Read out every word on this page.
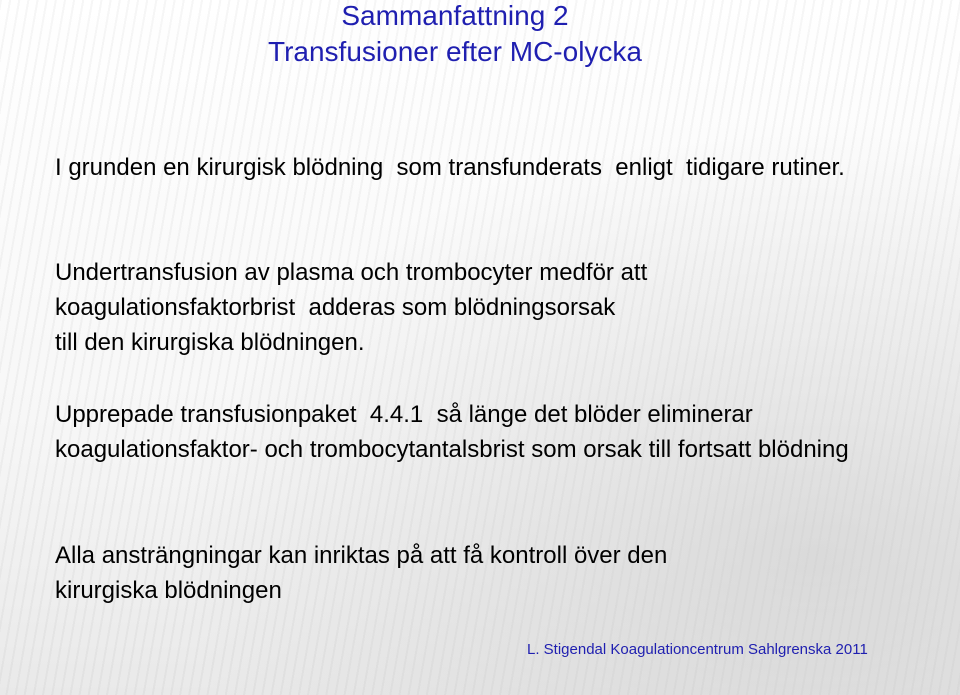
Sammanfattning 2
Transfusioner efter MC-olycka
I grunden en kirurgisk blödning  som transfunderats  enligt  tidigare rutiner.
Undertransfusion av plasma och trombocyter medför att
koagulationsfaktorbrist  adderas som blödningsorsak
till den kirurgiska blödningen.
Upprepade transfusionpaket  4.4.1  så länge det blöder eliminerar koagulationsfaktor- och trombocytantalsbrist som orsak till fortsatt blödning
Alla ansträngningar kan inriktas på att få kontroll över den
kirurgiska blödningen
L. Stigendal Koagulationcentrum Sahlgrenska 2011
